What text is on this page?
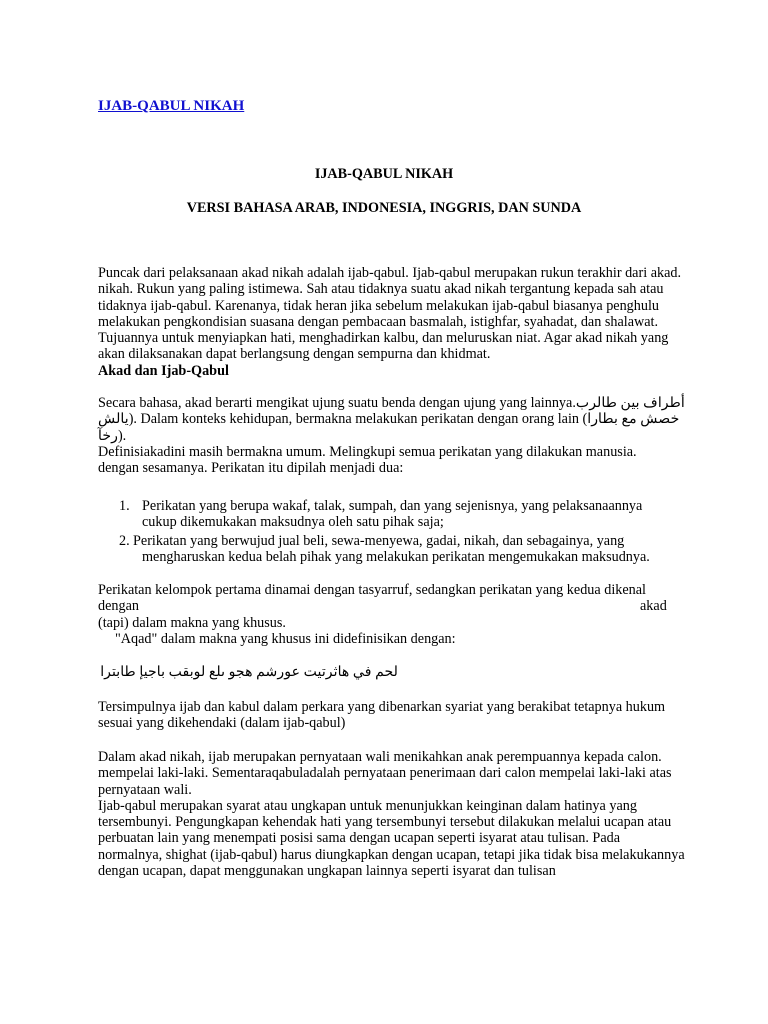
IJAB-QABUL NIKAH
IJAB-QABUL NIKAH
VERSI BAHASA ARAB, INDONESIA, INGGRIS, DAN SUNDA

Puncak dari pelaksanaan akad nikah adalah ijab-qabul. Ijab-qabul merupakan rukun terakhir dari akad.

nikah. Rukun yang paling istimewa. Sah atau tidaknya suatu akad nikah tergantung kepada sah atau

tidaknya ijab-qabul. Karenanya, tidak heran jika sebelum melakukan ijab-qabul biasanya penghulu

melakukan pengkondisian suasana dengan pembacaan basmalah, istighfar, syahadat, dan shalawat.

Tujuannya untuk menyiapkan hati, menghadirkan kalbu, dan meluruskan niat. Agar akad nikah yang

akan dilaksanakan dapat berlangsung dengan sempurna dan khidmat.

Akad dan Ijab-Qabul

Secara bahasa, akad berarti mengikat ujung suatu benda dengan ujung yang lainnya.أطراف بين طالرب

يالش). Dalam konteks kehidupan, bermakna melakukan perikatan dengan orang lain (خصش مع بطارا

رخآ).

Definisiakadini masih bermakna umum. Melingkupi semua perikatan yang dilakukan manusia.

dengan sesamanya. Perikatan itu dipilah menjadi dua:

1. Perikatan yang berupa wakaf, talak, sumpah, dan yang sejenisnya, yang pelaksanaannya
cukup dikemukakan maksudnya oleh satu pihak saja;
2. Perikatan yang berwujud jual beli, sewa-menyewa, gadai, nikah, dan sebagainya, yang
mengharuskan kedua belah pihak yang melakukan perikatan mengemukakan maksudnya.

Perikatan kelompok pertama dinamai dengan tasyarruf, sedangkan perikatan yang kedua dikenal

dengan	akad

(tapi) dalam makna yang khusus.

"Aqad" dalam makna yang khusus ini didefinisikan dengan:

لحم في هاثرتيت عورشم هجو ىلع لوبقب باجيإ طابترا

Tersimpulnya ijab dan kabul dalam perkara yang dibenarkan syariat yang berakibat tetapnya hukum

sesuai yang dikehendaki (dalam ijab-qabul)

Dalam akad nikah, ijab merupakan pernyataan wali menikahkan anak perempuannya kepada calon.

mempelai laki-laki. Sementaraqabuladalah pernyataan penerimaan dari calon mempelai laki-laki atas

pernyataan wali.

Ijab-qabul merupakan syarat atau ungkapan untuk menunjukkan keinginan dalam hatinya yang

tersembunyi. Pengungkapan kehendak hati yang tersembunyi tersebut dilakukan melalui ucapan atau

perbuatan lain yang menempati posisi sama dengan ucapan seperti isyarat atau tulisan. Pada

normalnya, shighat (ijab-qabul) harus diungkapkan dengan ucapan, tetapi jika tidak bisa melakukannya

dengan ucapan, dapat menggunakan ungkapan lainnya seperti isyarat dan tulisan
